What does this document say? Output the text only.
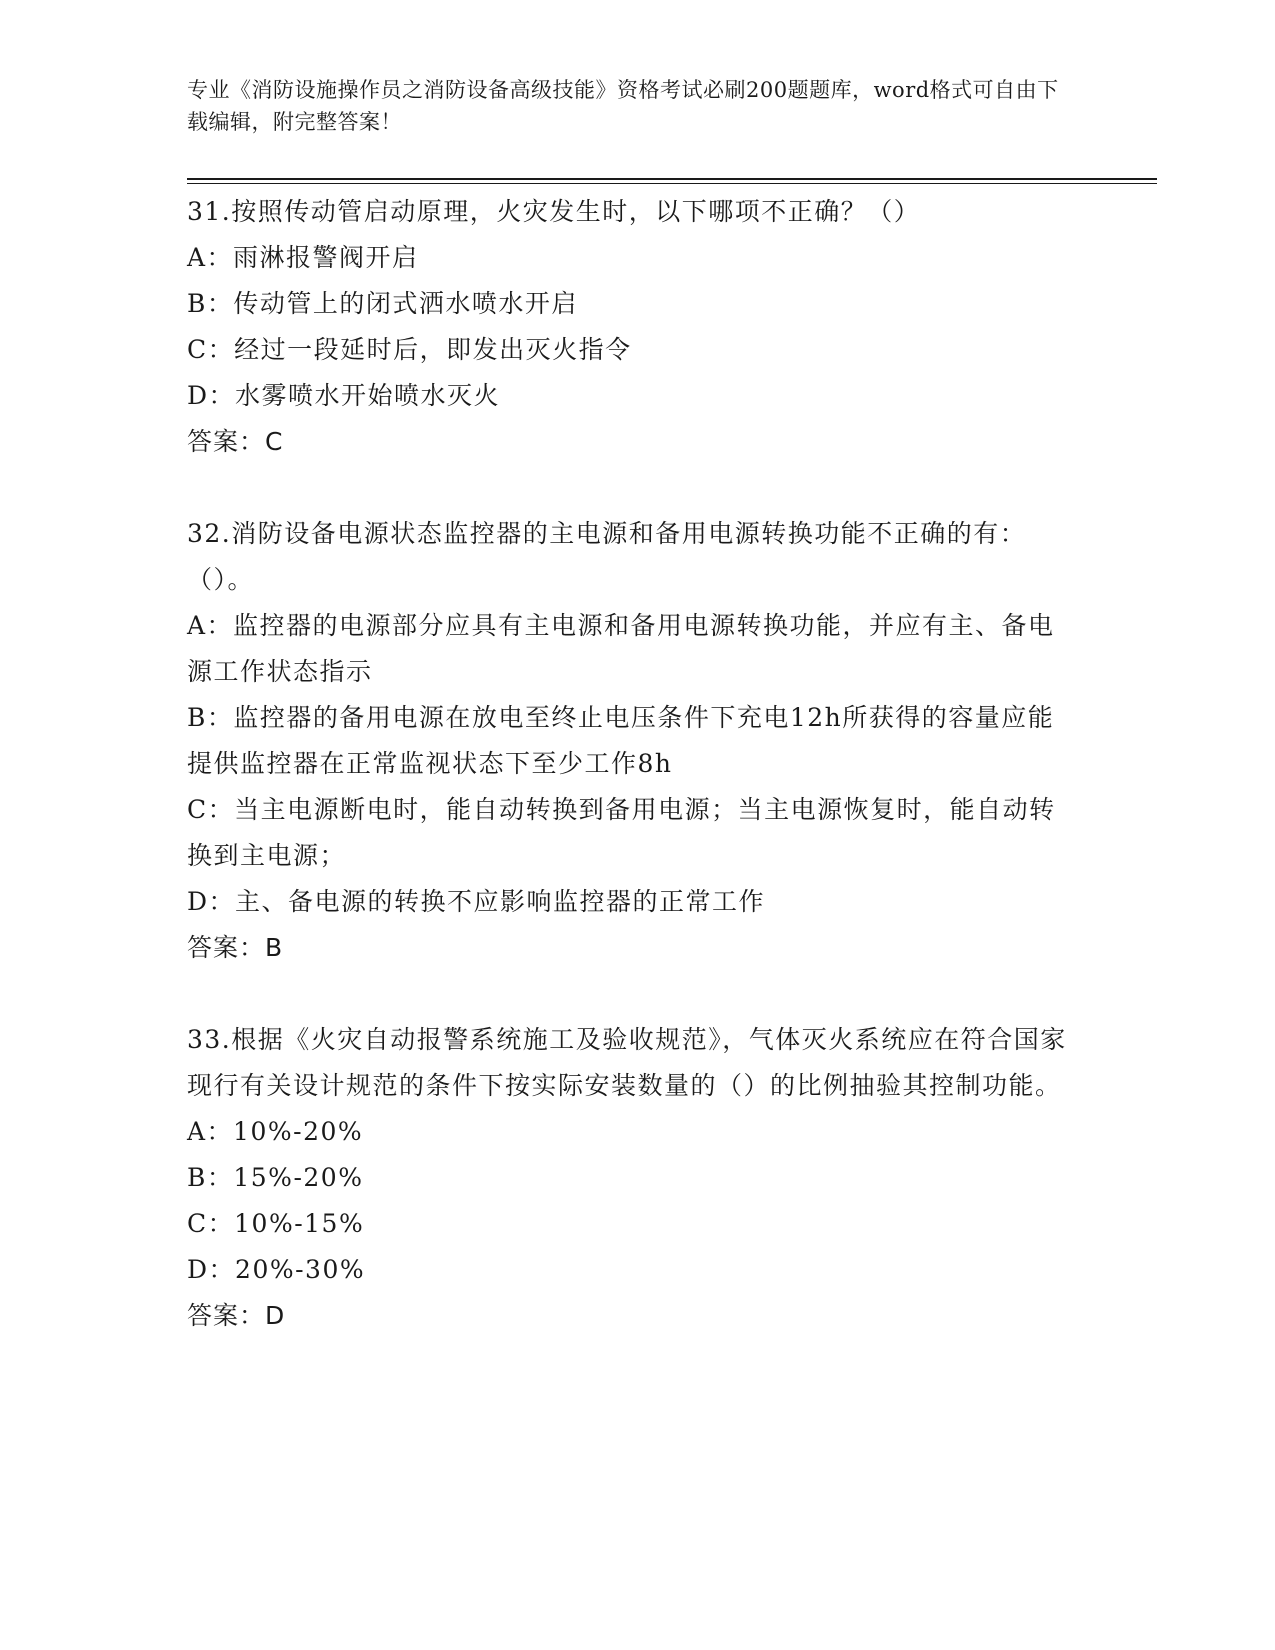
专业《消防设施操作员之消防设备高级技能》资格考试必刷200题题库，word格式可自由下载编辑，附完整答案！
31.按照传动管启动原理，火灾发生时，以下哪项不正确？（）
A：雨淋报警阀开启
B：传动管上的闭式洒水喷水开启
C：经过一段延时后，即发出灭火指令
D：水雾喷水开始喷水灭火
答案：C
32.消防设备电源状态监控器的主电源和备用电源转换功能不正确的有：（）。
A：监控器的电源部分应具有主电源和备用电源转换功能，并应有主、备电源工作状态指示
B：监控器的备用电源在放电至终止电压条件下充电12h所获得的容量应能提供监控器在正常监视状态下至少工作8h
C：当主电源断电时，能自动转换到备用电源；当主电源恢复时，能自动转换到主电源；
D：主、备电源的转换不应影响监控器的正常工作
答案：B
33.根据《火灾自动报警系统施工及验收规范》，气体灭火系统应在符合国家现行有关设计规范的条件下按实际安装数量的（）的比例抽验其控制功能。
A：10%-20%
B：15%-20%
C：10%-15%
D：20%-30%
答案：D
